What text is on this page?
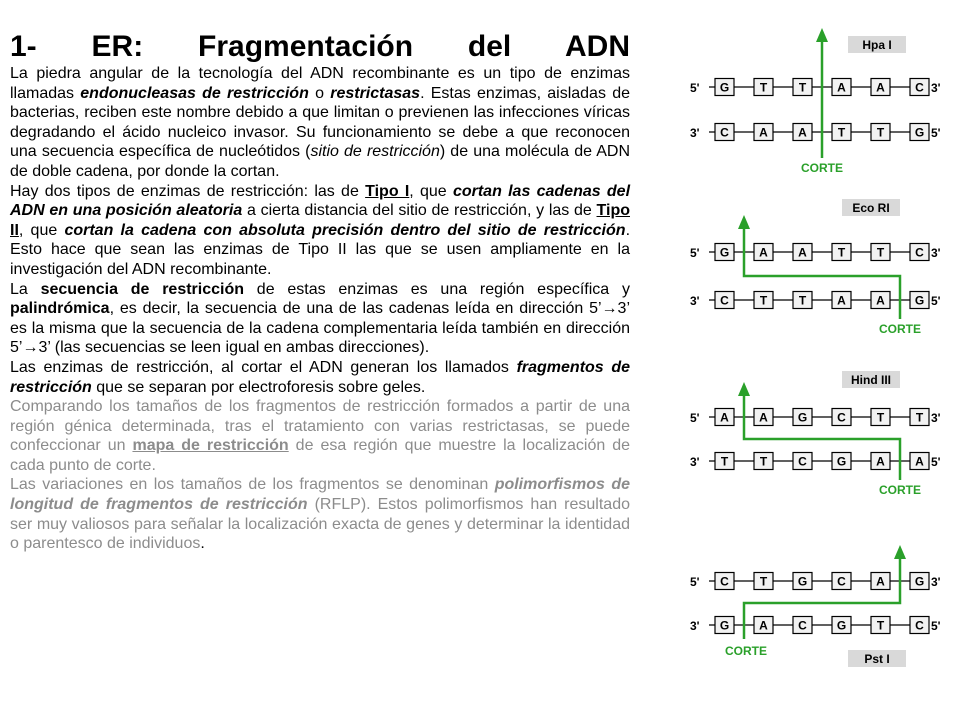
1- ER: Fragmentación del ADN

La piedra angular de la tecnología del ADN recombinante es un tipo de enzimas llamadas endonucleasas de restricción o restrictasas. Estas enzimas, aisladas de bacterias, reciben este nombre debido a que limitan o previenen las infecciones víricas degradando el ácido nucleico invasor. Su funcionamiento se debe a que reconocen una secuencia específica de nucleótidos (sitio de restricción) de una molécula de ADN de doble cadena, por donde la cortan.

Hay dos tipos de enzimas de restricción: las de Tipo I, que cortan las cadenas del ADN en una posición aleatoria a cierta distancia del sitio de restricción, y las de Tipo II, que cortan la cadena con absoluta precisión dentro del sitio de restricción. Esto hace que sean las enzimas de Tipo II las que se usen ampliamente en la investigación del ADN recombinante.

La secuencia de restricción de estas enzimas es una región específica y palindrómica, es decir, la secuencia de una de las cadenas leída en dirección 5’→3’ es la misma que la secuencia de la cadena complementaria leída también en dirección 5’→3’ (las secuencias se leen igual en ambas direcciones).

Las enzimas de restricción, al cortar el ADN generan los llamados fragmentos de restricción que se separan por electroforesis sobre geles.

Comparando los tamaños de los fragmentos de restricción formados a partir de una región génica determinada, tras el tratamiento con varias restrictasas, se puede confeccionar un mapa de restricción de esa región que muestre la localización de cada punto de corte.

Las variaciones en los tamaños de los fragmentos se denominan polimorfismos de longitud de fragmentos de restricción (RFLP). Estos polimorfismos han resultado ser muy valiosos para señalar la localización exacta de genes y determinar la identidad o parentesco de individuos.

Hpa I
5' G	T	T	A	A	C 3'
3' C	A	A	T	T	G 5'
CORTE
Eco RI
5' G A	A	T	T	C 3'
3' C	T	T	A	A G 5'
CORTE
Hind III
5' A	A G C	T	T 3'
3' T	T	C G A	A 5'
CORTE
Pst I
5' C	T	G C	A G 3'
3' G A	C G	T	C 5'
CORTE
